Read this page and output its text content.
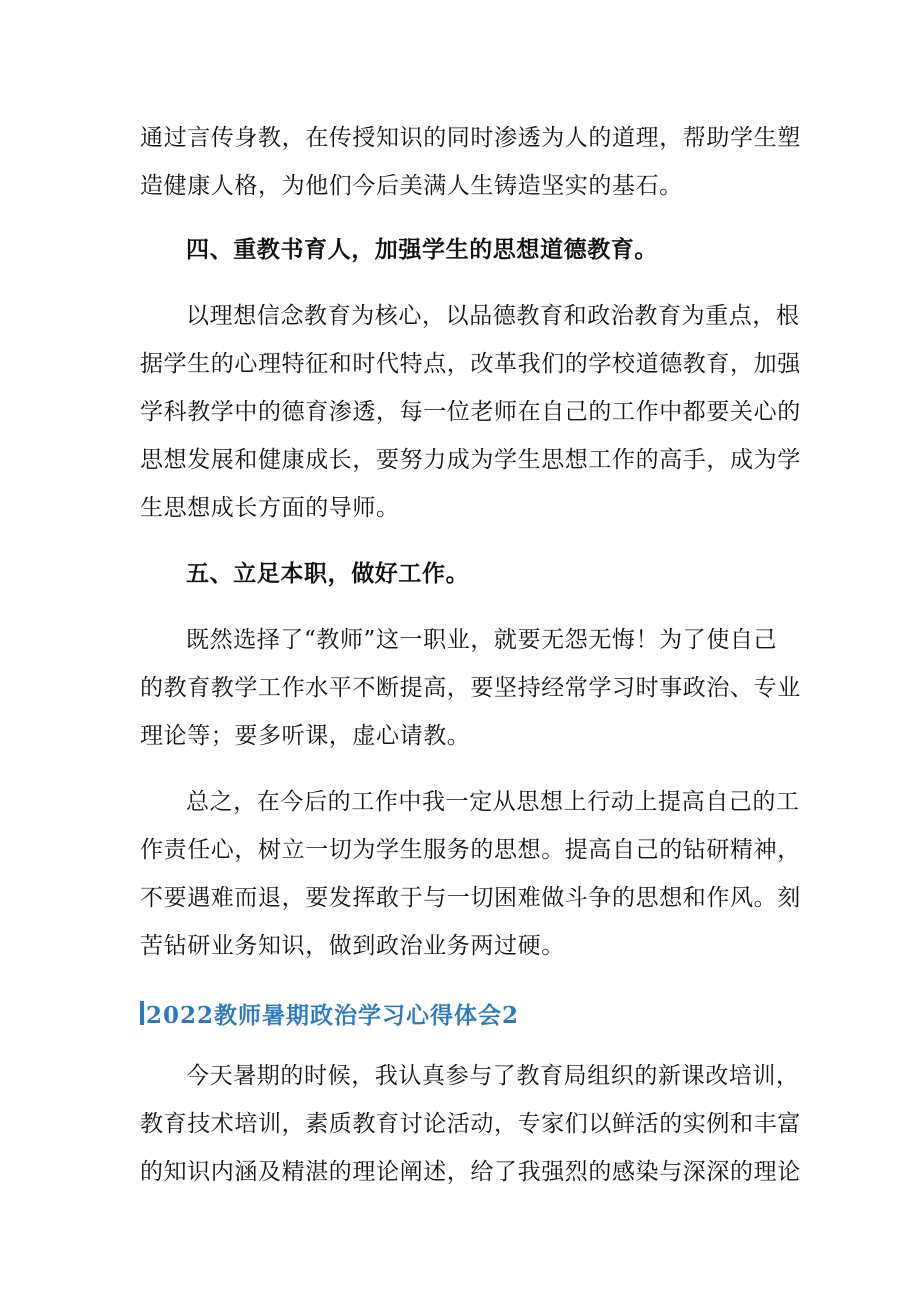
通过言传身教，在传授知识的同时渗透为人的道理，帮助学生塑
造健康人格，为他们今后美满人生铸造坚实的基石。
四、重教书育人，加强学生的思想道德教育。
以理想信念教育为核心，以品德教育和政治教育为重点，根
据学生的心理特征和时代特点，改革我们的学校道德教育，加强
学科教学中的德育渗透，每一位老师在自己的工作中都要关心的
思想发展和健康成长，要努力成为学生思想工作的高手，成为学
生思想成长方面的导师。
五、立足本职，做好工作。
既然选择了“教师”这一职业，就要无怨无悔！为了使自己
的教育教学工作水平不断提高，要坚持经常学习时事政治、专业
理论等；要多听课，虚心请教。
总之，在今后的工作中我一定从思想上行动上提高自己的工
作责任心，树立一切为学生服务的思想。提高自己的钻研精神，
不要遇难而退，要发挥敢于与一切困难做斗争的思想和作风。刻
苦钻研业务知识，做到政治业务两过硬。
2022教师暑期政治学习心得体会2
今天暑期的时候，我认真参与了教育局组织的新课改培训，
教育技术培训，素质教育讨论活动，专家们以鲜活的实例和丰富
的知识内涵及精湛的理论阐述，给了我强烈的感染与深深的理论
